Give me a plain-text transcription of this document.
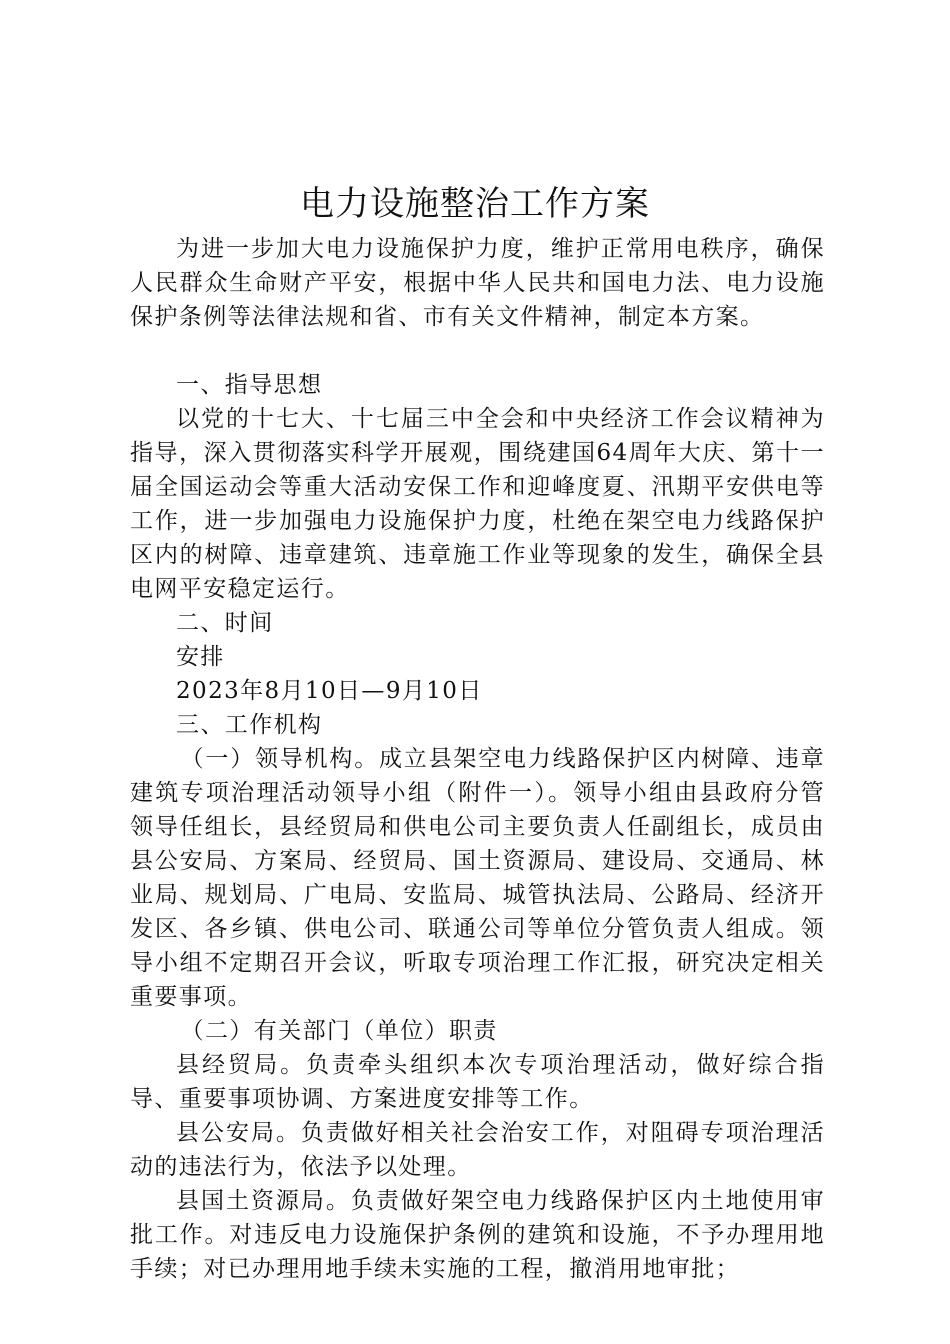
电力设施整治工作方案

为进一步加大电力设施保护力度，维护正常用电秩序，确保人民群众生命财产平安，根据中华人民共和国电力法、电力设施保护条例等法律法规和省、市有关文件精神，制定本方案。

一、指导思想

以党的十七大、十七届三中全会和中央经济工作会议精神为指导，深入贯彻落实科学开展观，围绕建国64周年大庆、第十一届全国运动会等重大活动安保工作和迎峰度夏、汛期平安供电等工作，进一步加强电力设施保护力度，杜绝在架空电力线路保护区内的树障、违章建筑、违章施工作业等现象的发生，确保全县电网平安稳定运行。

二、时间

安排

2023年8月10日—9月10日

三、工作机构

（一）领导机构。成立县架空电力线路保护区内树障、违章建筑专项治理活动领导小组（附件一）。领导小组由县政府分管领导任组长，县经贸局和供电公司主要负责人任副组长，成员由县公安局、方案局、经贸局、国土资源局、建设局、交通局、林业局、规划局、广电局、安监局、城管执法局、公路局、经济开发区、各乡镇、供电公司、联通公司等单位分管负责人组成。领导小组不定期召开会议，听取专项治理工作汇报，研究决定相关重要事项。

（二）有关部门（单位）职责

县经贸局。负责牵头组织本次专项治理活动，做好综合指导、重要事项协调、方案进度安排等工作。

县公安局。负责做好相关社会治安工作，对阻碍专项治理活动的违法行为，依法予以处理。

县国土资源局。负责做好架空电力线路保护区内土地使用审批工作。对违反电力设施保护条例的建筑和设施，不予办理用地手续；对已办理用地手续未实施的工程，撤消用地审批；
